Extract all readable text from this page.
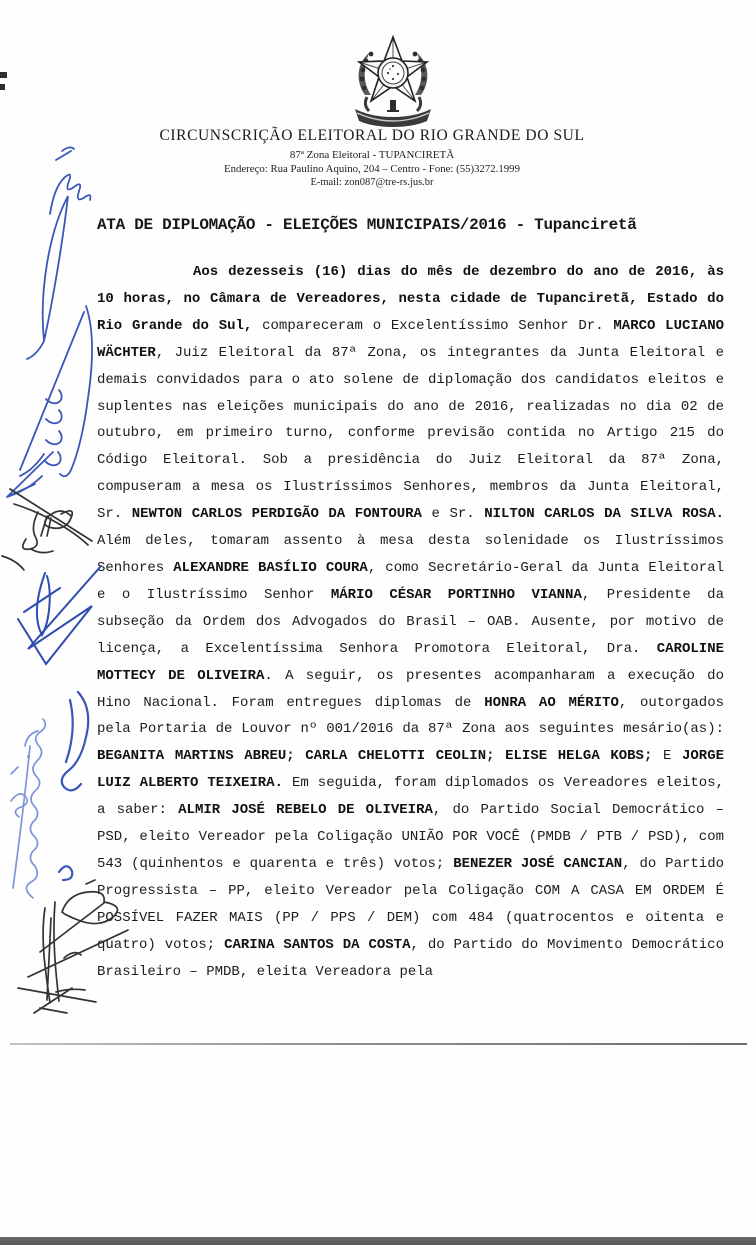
CIRCUNSCRIÇÃO ELEITORAL DO RIO GRANDE DO SUL
87ª Zona Eleitoral - TUPANCIRETÃ
Endereço: Rua Paulino Aquino, 204 – Centro - Fone: (55)3272.1999
E-mail: zon087@tre-rs.jus.br
ATA DE DIPLOMAÇÃO - ELEIÇÕES MUNICIPAIS/2016 - Tupanciretã
Aos dezesseis (16) dias do mês de dezembro do ano de 2016, às 10 horas, no Câmara de Vereadores, nesta cidade de Tupanciretã, Estado do Rio Grande do Sul, compareceram o Excelentíssimo Senhor Dr. MARCO LUCIANO WÄCHTER, Juiz Eleitoral da 87ª Zona, os integrantes da Junta Eleitoral e demais convidados para o ato solene de diplomação dos candidatos eleitos e suplentes nas eleições municipais do ano de 2016, realizadas no dia 02 de outubro, em primeiro turno, conforme previsão contida no Artigo 215 do Código Eleitoral. Sob a presidência do Juiz Eleitoral da 87ª Zona, compuseram a mesa os Ilustríssimos Senhores, membros da Junta Eleitoral, Sr. NEWTON CARLOS PERDIGÃO DA FONTOURA e Sr. NILTON CARLOS DA SILVA ROSA. Além deles, tomaram assento à mesa desta solenidade os Ilustríssimos Senhores ALEXANDRE BASÍLIO COURA, como Secretário-Geral da Junta Eleitoral e o Ilustríssimo Senhor MÁRIO CÉSAR PORTINHO VIANNA, Presidente da subseção da Ordem dos Advogados do Brasil – OAB. Ausente, por motivo de licença, a Excelentíssima Senhora Promotora Eleitoral, Dra. CAROLINE MOTTECY DE OLIVEIRA. A seguir, os presentes acompanharam a execução do Hino Nacional. Foram entregues diplomas de HONRA AO MÉRITO, outorgados pela Portaria de Louvor nº 001/2016 da 87ª Zona aos seguintes mesário(as): BEGANITA MARTINS ABREU; CARLA CHELOTTI CEOLIN; ELISE HELGA KOBS; E JORGE LUIZ ALBERTO TEIXEIRA. Em seguida, foram diplomados os Vereadores eleitos, a saber: ALMIR JOSÉ REBELO DE OLIVEIRA, do Partido Social Democrático – PSD, eleito Vereador pela Coligação UNIÃO POR VOCÊ (PMDB / PTB / PSD), com 543 (quinhentos e quarenta e três) votos; BENEZER JOSÉ CANCIAN, do Partido Progressista – PP, eleito Vereador pela Coligação COM A CASA EM ORDEM É POSSÍVEL FAZER MAIS (PP / PPS / DEM) com 484 (quatrocentos e oitenta e quatro) votos; CARINA SANTOS DA COSTA, do Partido do Movimento Democrático Brasileiro – PMDB, eleita Vereadora pela
